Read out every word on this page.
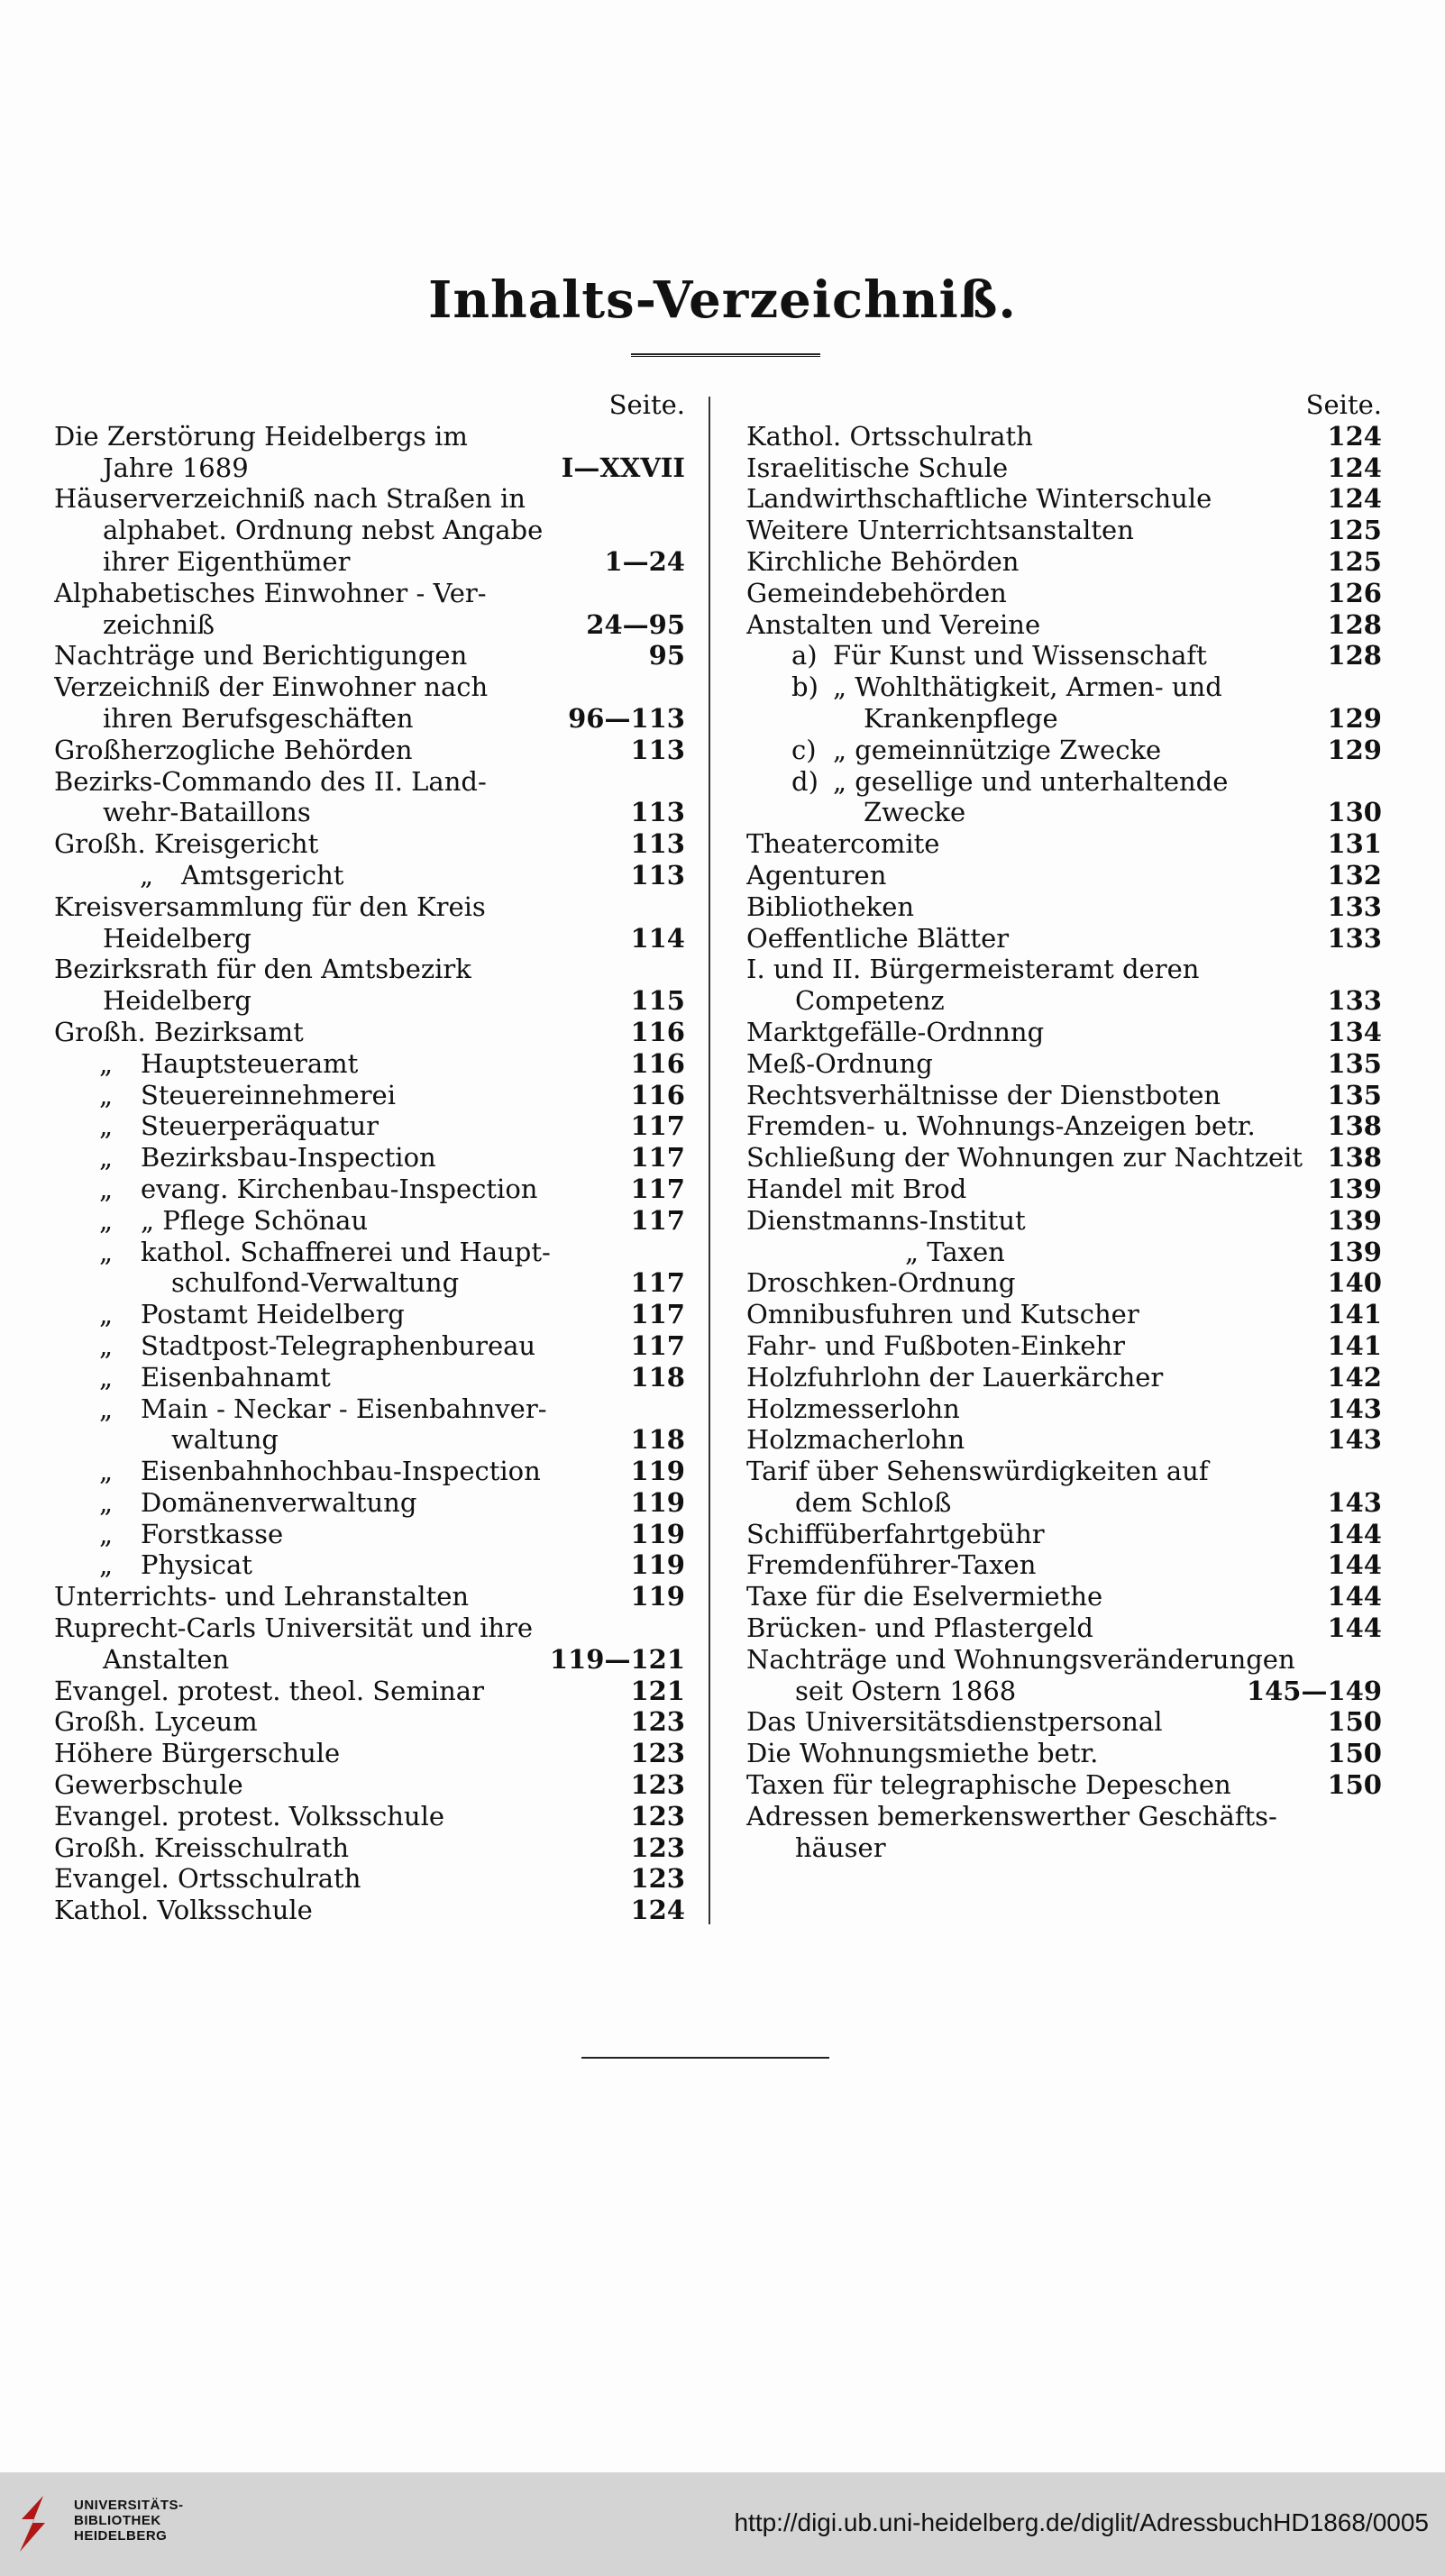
Inhalts-Verzeichniß.
Seite.
Die Zerstörung Heidelbergs im
Jahre 1689	I—XXVII
Häuserverzeichniß nach Straßen in
alphabet. Ordnung nebst Angabe
ihrer Eigenthümer	1—24
Alphabetisches Einwohner - Ver-
zeichniß	24—95
Nachträge und Berichtigungen	95
Verzeichniß der Einwohner nach
ihren Berufsgeschäften	96—113
Großherzogliche Behörden	113
Bezirks-Commando des II. Land-
wehr-Bataillons	113
Großh. Kreisgericht	113
„ Amtsgericht	113
Kreisversammlung für den Kreis
Heidelberg	114
Bezirksrath für den Amtsbezirk
Heidelberg	115
Großh. Bezirksamt	116
„ Hauptsteueramt	116
„ Steuereinnehmerei	116
„ Steuerperäquatur	117
„ Bezirksbau-Inspection	117
„ evang. Kirchenbau-Inspection	117
„ „ Pflege Schönau	117
„ kathol. Schaffnerei und Haupt-
schulfond-Verwaltung	117
„ Postamt Heidelberg	117
„ Stadtpost-Telegraphenbureau	117
„ Eisenbahnamt	118
„ Main - Neckar - Eisenbahnver-
waltung	118
„ Eisenbahnhochbau-Inspection	119
„ Domänenverwaltung	119
„ Forstkasse	119
„ Physicat	119
Unterrichts- und Lehranstalten	119
Ruprecht-Carls Universität und ihre
Anstalten	119—121
Evangel. protest. theol. Seminar	121
Großh. Lyceum	123
Höhere Bürgerschule	123
Gewerbschule	123
Evangel. protest. Volksschule	123
Großh. Kreisschulrath	123
Evangel. Ortsschulrath	123
Kathol. Volksschule	124
Seite.
Kathol. Ortsschulrath	124
Israelitische Schule	124
Landwirthschaftliche Winterschule	124
Weitere Unterrichtsanstalten	125
Kirchliche Behörden	125
Gemeindebehörden	126
Anstalten und Vereine	128
a) Für Kunst und Wissenschaft	128
b) „ Wohlthätigkeit, Armen- und
Krankenpflege	129
c) „ gemeinnützige Zwecke	129
d) „ gesellige und unterhaltende
Zwecke	130
Theatercomite	131
Agenturen	132
Bibliotheken	133
Oeffentliche Blätter	133
I. und II. Bürgermeisteramt deren
Competenz	133
Marktgefälle-Ordnnng	134
Meß-Ordnung	135
Rechtsverhältnisse der Dienstboten	135
Fremden- u. Wohnungs-Anzeigen betr.	138
Schließung der Wohnungen zur Nachtzeit 138
Handel mit Brod	139
Dienstmanns-Institut	139
„ Taxen	139
Droschken-Ordnung	140
Omnibusfuhren und Kutscher	141
Fahr- und Fußboten-Einkehr	141
Holzfuhrlohn der Lauerkärcher	142
Holzmesserlohn	143
Holzmacherlohn	143
Tarif über Sehenswürdigkeiten auf
dem Schloß	143
Schiffüberfahrtgebühr	144
Fremdenführer-Taxen	144
Taxe für die Eselvermiethe	144
Brücken- und Pflastergeld	144
Nachträge und Wohnungsveränderungen
seit Ostern 1868	145—149
Das Universitätsdienstpersonal	150
Die Wohnungsmiethe betr.	150
Taxen für telegraphische Depeschen	150
Adressen bemerkenswerther Geschäfts-
häuser
UNIVERSITÄTS-
BIBLIOTHEK
HEIDELBERG	http://digi.ub.uni-heidelberg.de/diglit/AdressbuchHD1868/0005
